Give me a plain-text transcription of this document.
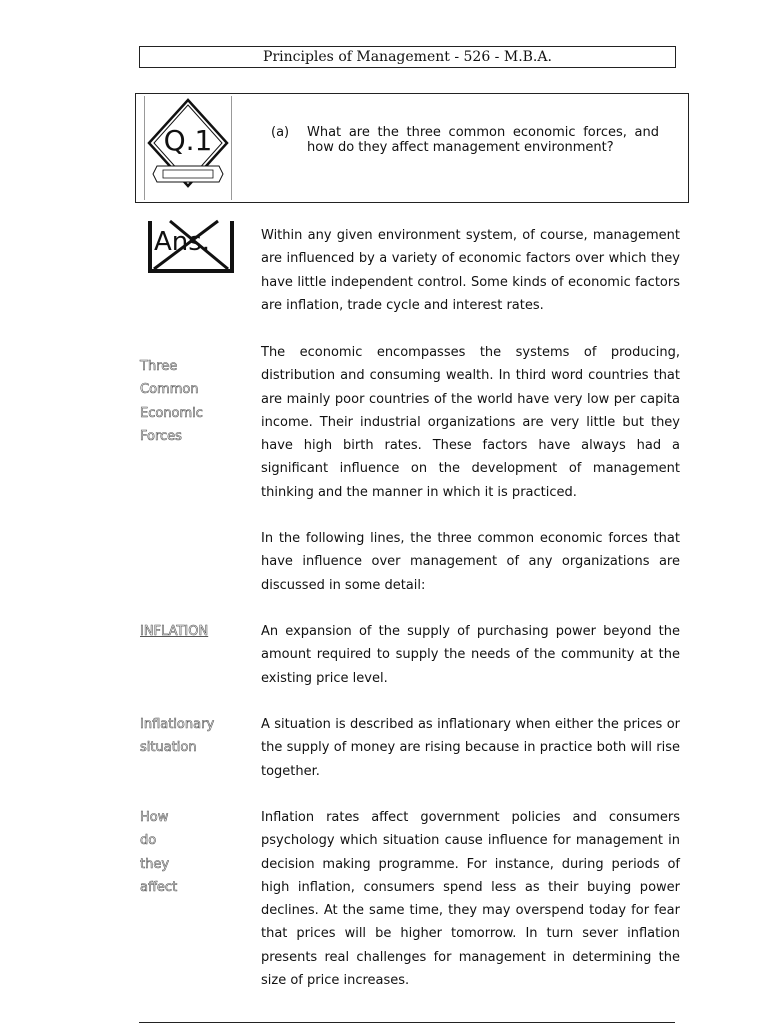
Principles of Management - 526 - M.B.A.
Q.1	(a) What are the three common economic forces, and how do they affect management environment?
Ans.	Within any given environment system, of course, management are influenced by a variety of economic factors over which they have little independent control. Some kinds of economic factors are inflation, trade cycle and interest rates.
The economic encompasses the systems of producing, distribution and consuming wealth. In third word countries that are mainly poor countries of the world have very low per capita income. Their industrial organizations are very little but they have high birth rates. These factors have always had a significant influence on the development of management thinking and the manner in which it is practiced.
In the following lines, the three common economic forces that have influence over management of any organizations are discussed in some detail:
An expansion of the supply of purchasing power beyond the amount required to supply the needs of the community at the existing price level.
A situation is described as inflationary when either the prices or the supply of money are rising because in practice both will rise together.
Inflation rates affect government policies and consumers psychology which situation cause influence for management in decision making programme. For instance, during periods of high inflation, consumers spend less as their buying power declines. At the same time, they may overspend today for fear that prices will be higher tomorrow. In turn sever inflation presents real challenges for management in determining the size of price increases.
Three
Common
Economic
Forces
INFLATION
Inflationary
situation
How
do
they
affect
